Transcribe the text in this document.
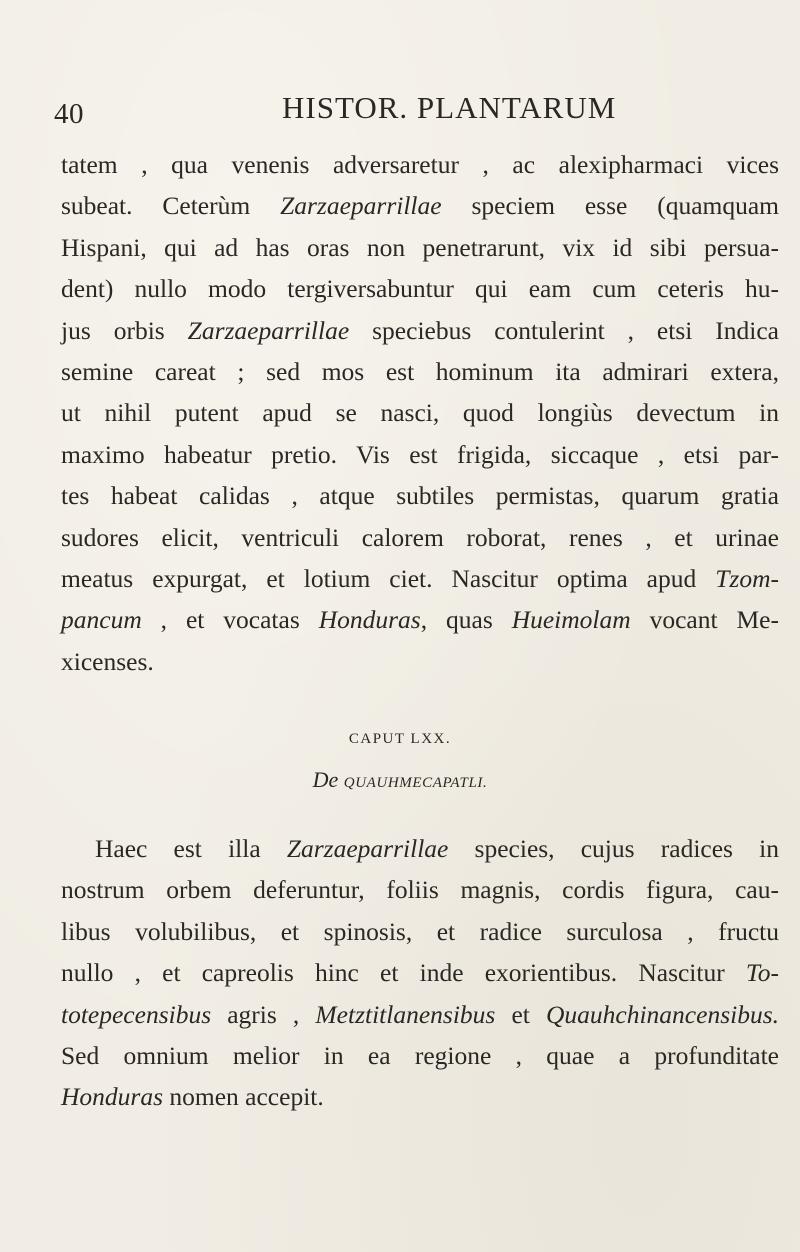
40	HISTOR. PLANTARUM
tatem , qua venenis adversaretur , ac alexipharmaci vices
subeat. Ceterùm Zarzaeparrillae speciem esse (quamquam
Hispani, qui ad has oras non penetrarunt, vix id sibi persua-
dent) nullo modo tergiversabuntur qui eam cum ceteris hu-
jus orbis Zarzaeparrillae speciebus contulerint , etsi Indica
semine careat ; sed mos est hominum ita admirari extera,
ut nihil putent apud se nasci, quod longiùs devectum in
maximo habeatur pretio. Vis est frigida, siccaque , etsi par-
tes habeat calidas , atque subtiles permistas, quarum gratia
sudores elicit, ventriculi calorem roborat, renes , et urinae
meatus expurgat, et lotium ciet. Nascitur optima apud Tzom-
pancum , et vocatas Honduras, quas Hueimolam vocant Me-
xicenses.
CAPUT LXX.
De QUAUHMECAPATLI.
Haec est illa Zarzaeparrillae species, cujus radices in
nostrum orbem deferuntur, foliis magnis, cordis figura, cau-
libus volubilibus, et spinosis, et radice surculosa , fructu
nullo , et capreolis hinc et inde exorientibus. Nascitur To-
totepecensibus agris , Metztitlanensibus et Quauhchinancensibus.
Sed omnium melior in ea regione , quae a profunditate
Honduras nomen accepit.
